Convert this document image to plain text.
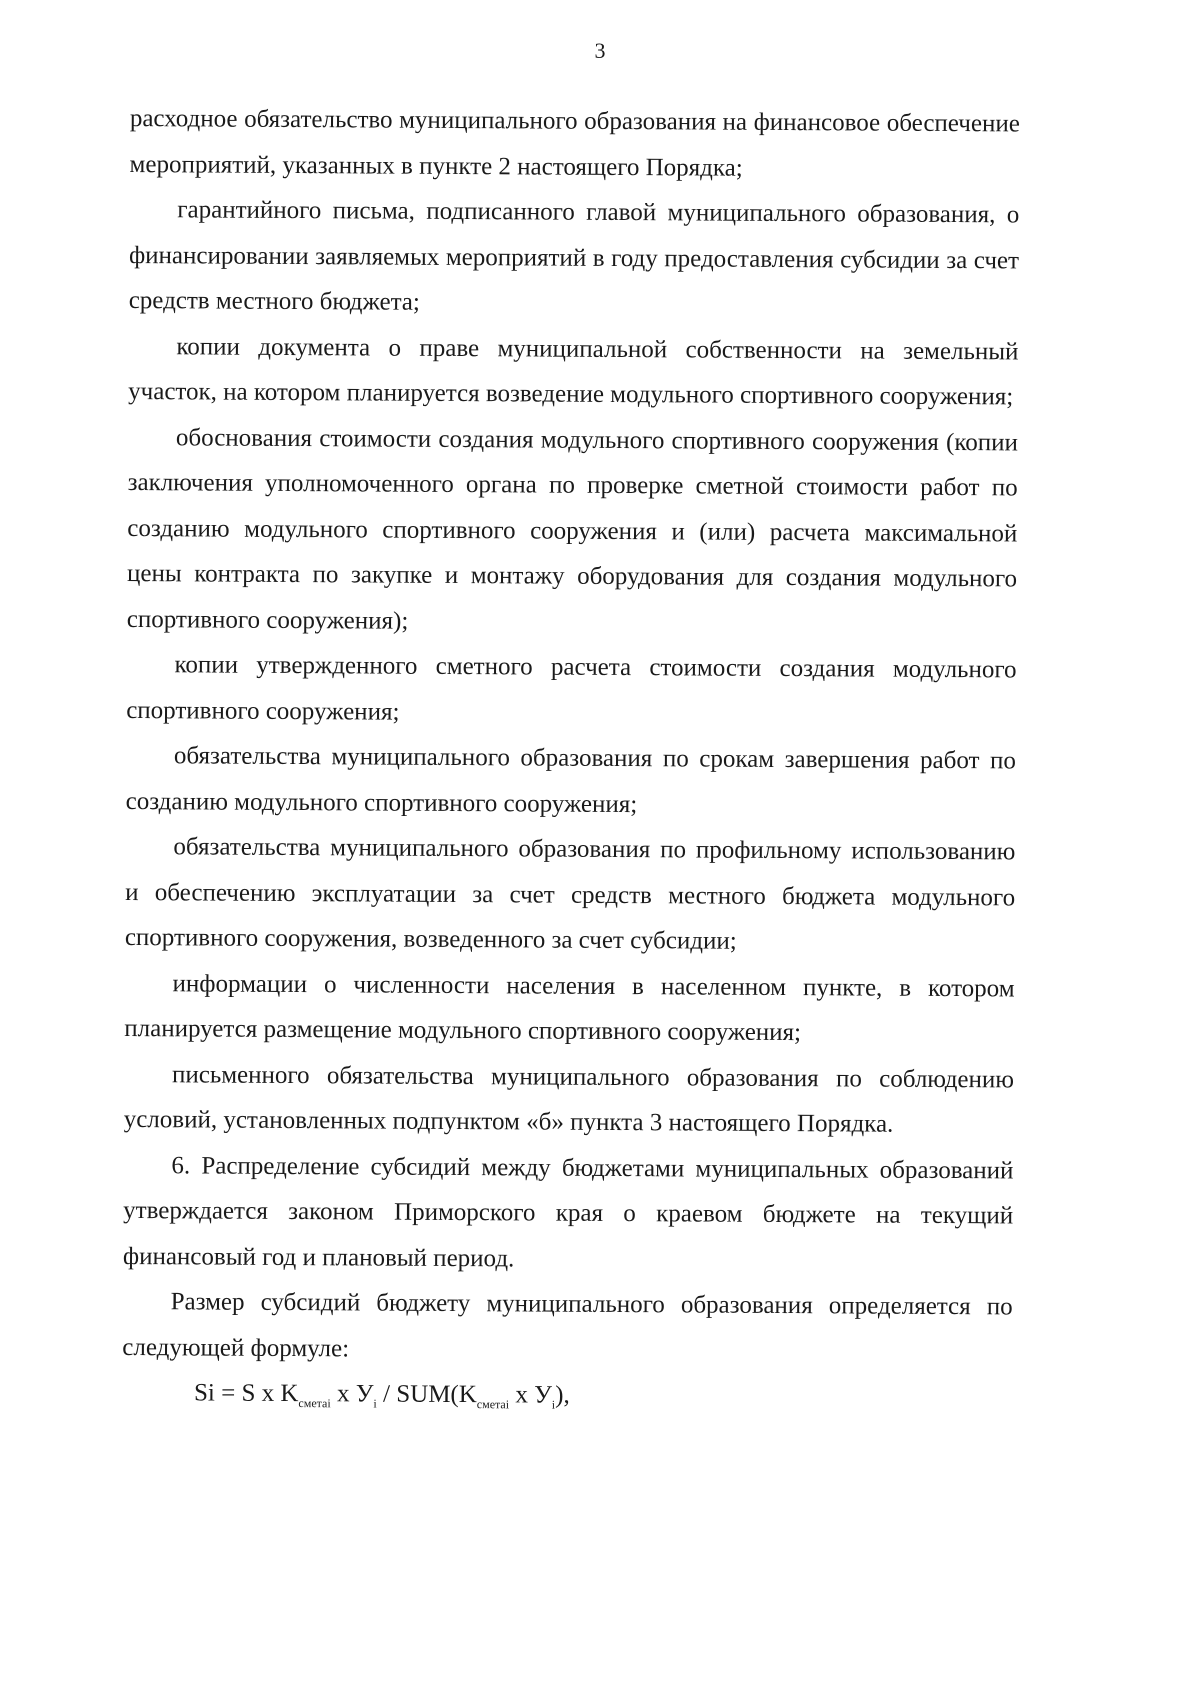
3

расходное обязательство муниципального образования на финансовое обеспечение мероприятий, указанных в пункте 2 настоящего Порядка;

гарантийного письма, подписанного главой муниципального образования, о финансировании заявляемых мероприятий в году предоставления субсидии за счет средств местного бюджета;

копии документа о праве муниципальной собственности на земельный участок, на котором планируется возведение модульного спортивного сооружения;

обоснования стоимости создания модульного спортивного сооружения (копии заключения уполномоченного органа по проверке сметной стоимости работ по созданию модульного спортивного сооружения и (или) расчета максимальной цены контракта по закупке и монтажу оборудования для создания модульного спортивного сооружения);

копии утвержденного сметного расчета стоимости создания модульного спортивного сооружения;

обязательства муниципального образования по срокам завершения работ по созданию модульного спортивного сооружения;

обязательства муниципального образования по профильному использованию и обеспечению эксплуатации за счет средств местного бюджета модульного спортивного сооружения, возведенного за счет субсидии;

информации о численности населения в населенном пункте, в котором планируется размещение модульного спортивного сооружения;

письменного обязательства муниципального образования по соблюдению условий, установленных подпунктом «б» пункта 3 настоящего Порядка.

6. Распределение субсидий между бюджетами муниципальных образований утверждается законом Приморского края о краевом бюджете на текущий финансовый год и плановый период.

Размер субсидий бюджету муниципального образования определяется по следующей формуле:

Si = S x $K_{сметаi}$ x $У_i / SUM(K_{сметаi}$ x $У_i$),
